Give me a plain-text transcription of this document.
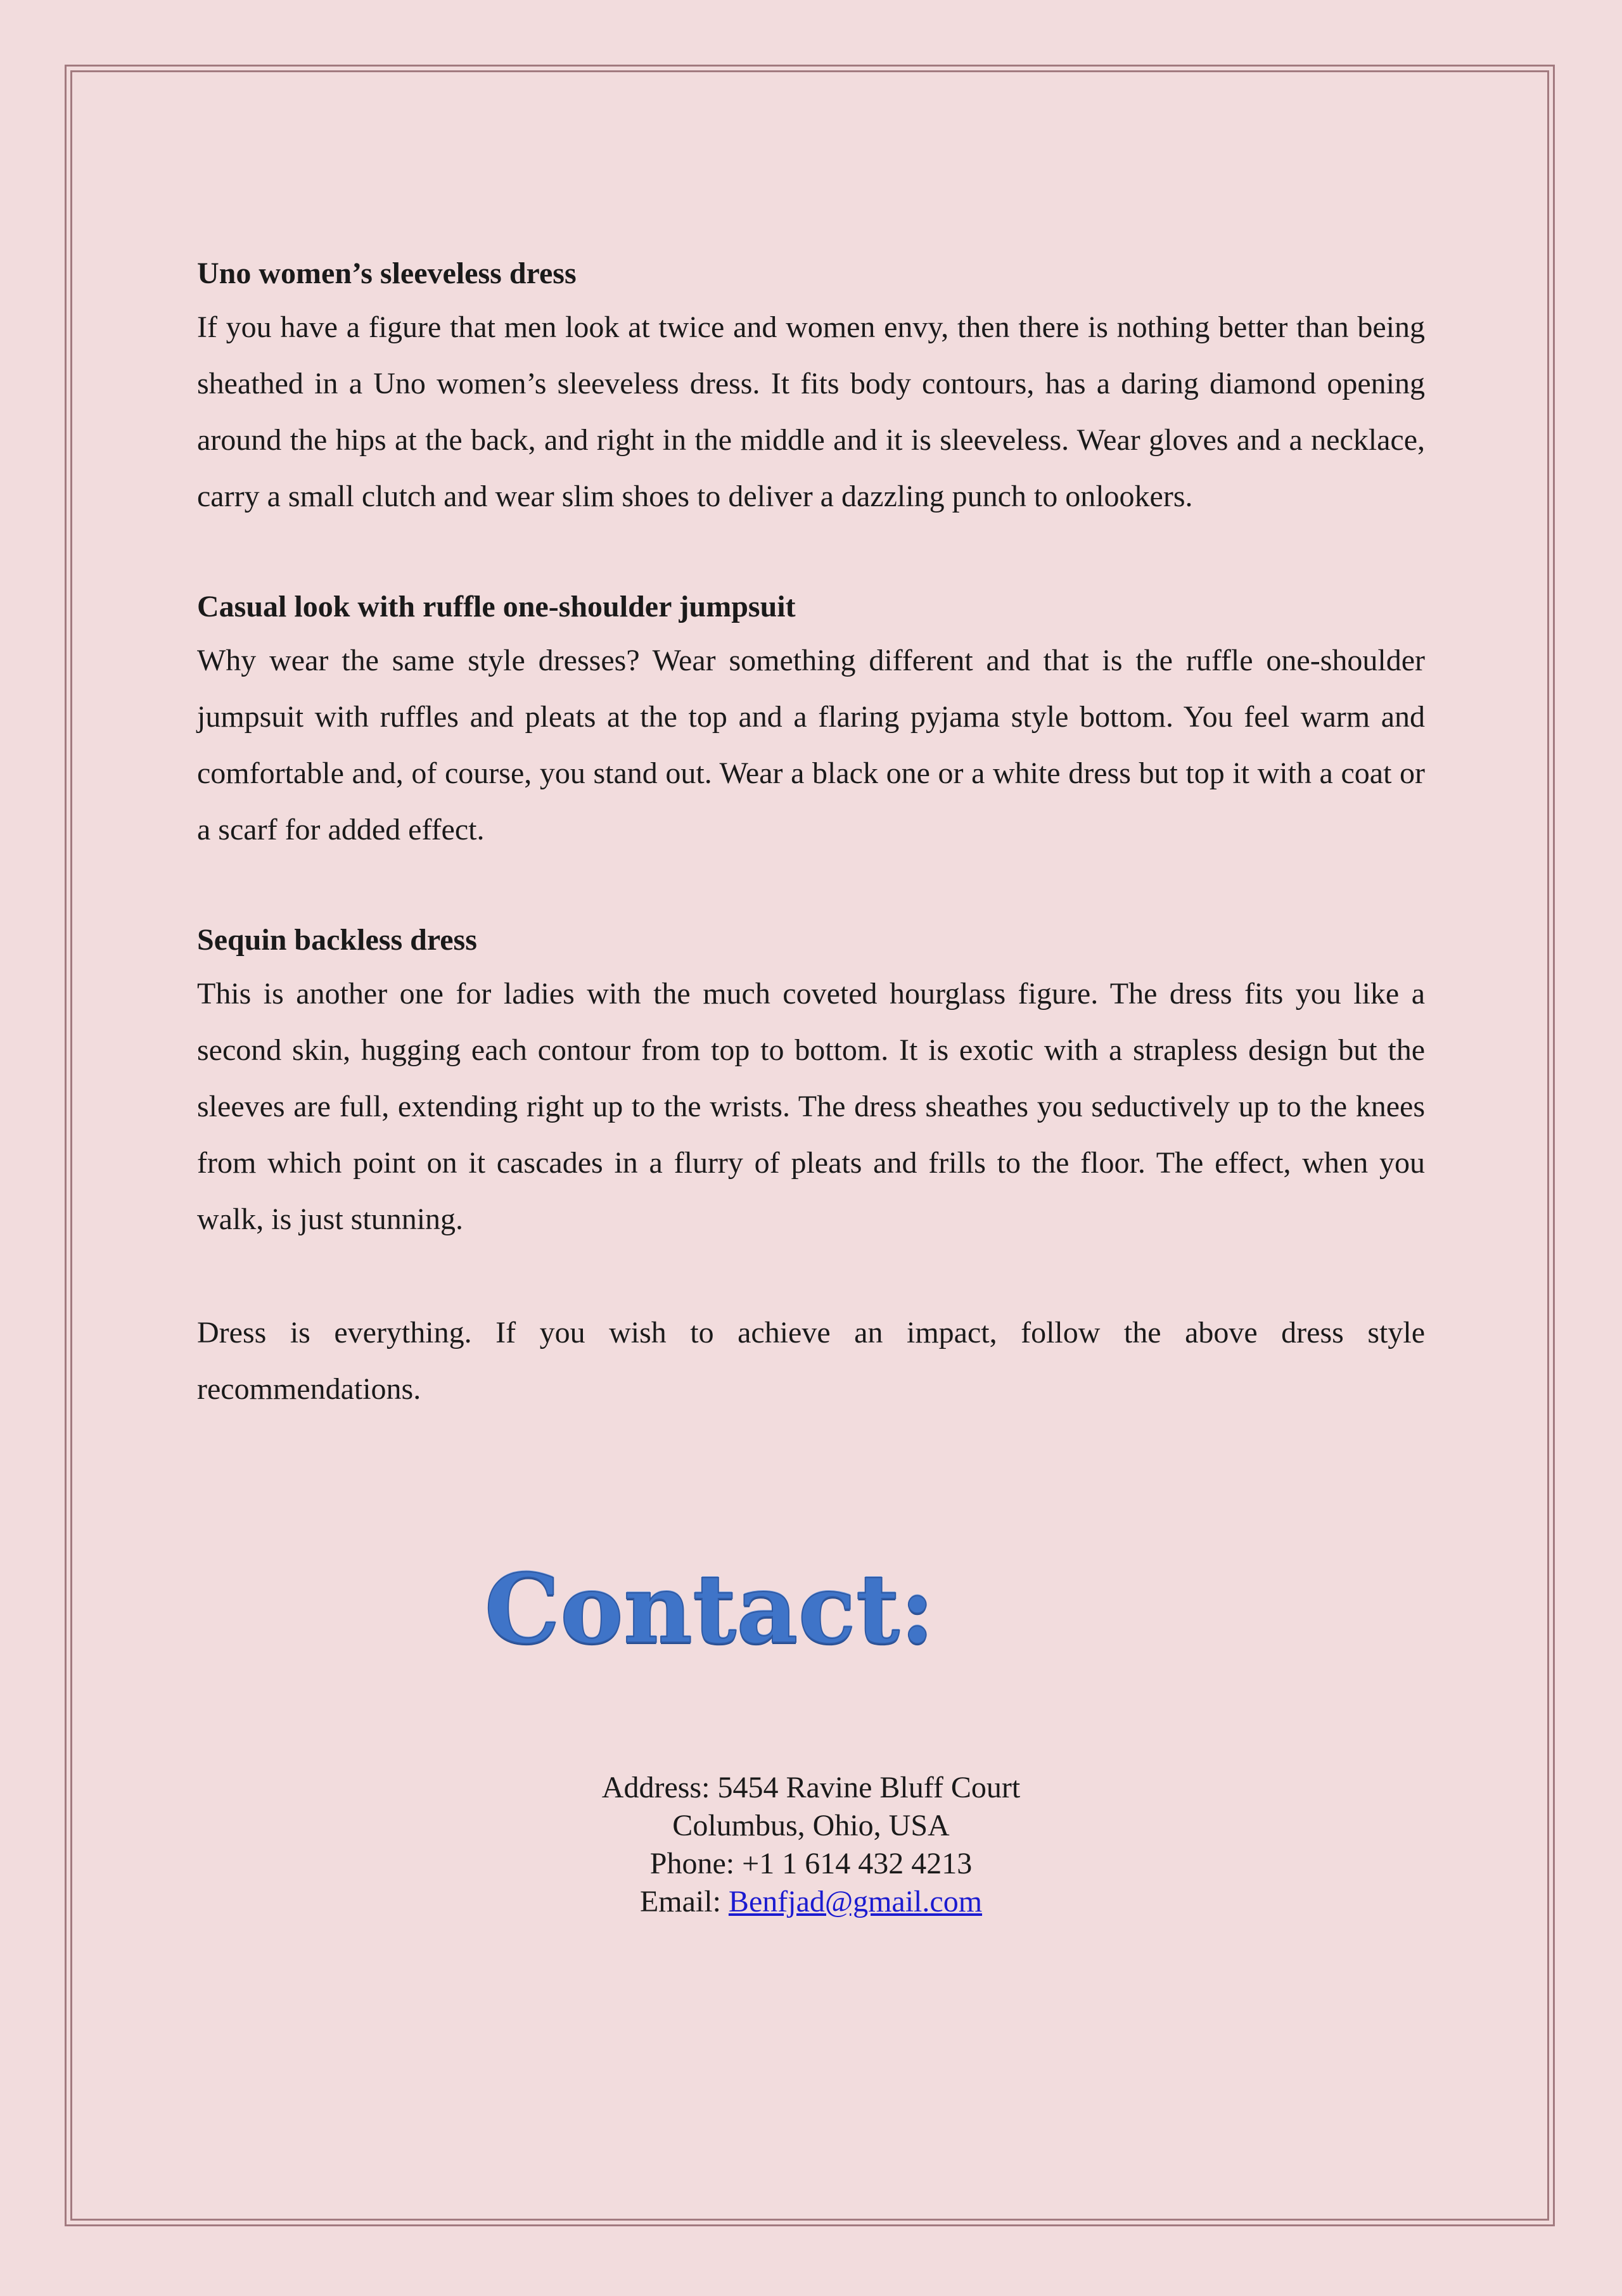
Uno women’s sleeveless dress

If you have a figure that men look at twice and women envy, then there is nothing better than being sheathed in a Uno women’s sleeveless dress. It fits body contours, has a daring diamond opening around the hips at the back, and right in the middle and it is sleeveless. Wear gloves and a necklace, carry a small clutch and wear slim shoes to deliver a dazzling punch to onlookers.

Casual look with ruffle one-shoulder jumpsuit

Why wear the same style dresses? Wear something different and that is the ruffle one-shoulder jumpsuit with ruffles and pleats at the top and a flaring pyjama style bottom. You feel warm and comfortable and, of course, you stand out. Wear a black one or a white dress but top it with a coat or a scarf for added effect.

Sequin backless dress

This is another one for ladies with the much coveted hourglass figure. The dress fits you like a second skin, hugging each contour from top to bottom. It is exotic with a strapless design but the sleeves are full, extending right up to the wrists. The dress sheathes you seductively up to the knees from which point on it cascades in a flurry of pleats and frills to the floor. The effect, when you walk, is just stunning.

Dress is everything. If you wish to achieve an impact, follow the above dress style recommendations.

Contact:
Address: 5454 Ravine Bluff Court
Columbus, Ohio, USA
Phone: +1 1 614 432 4213
Email: Benfjad@gmail.com
